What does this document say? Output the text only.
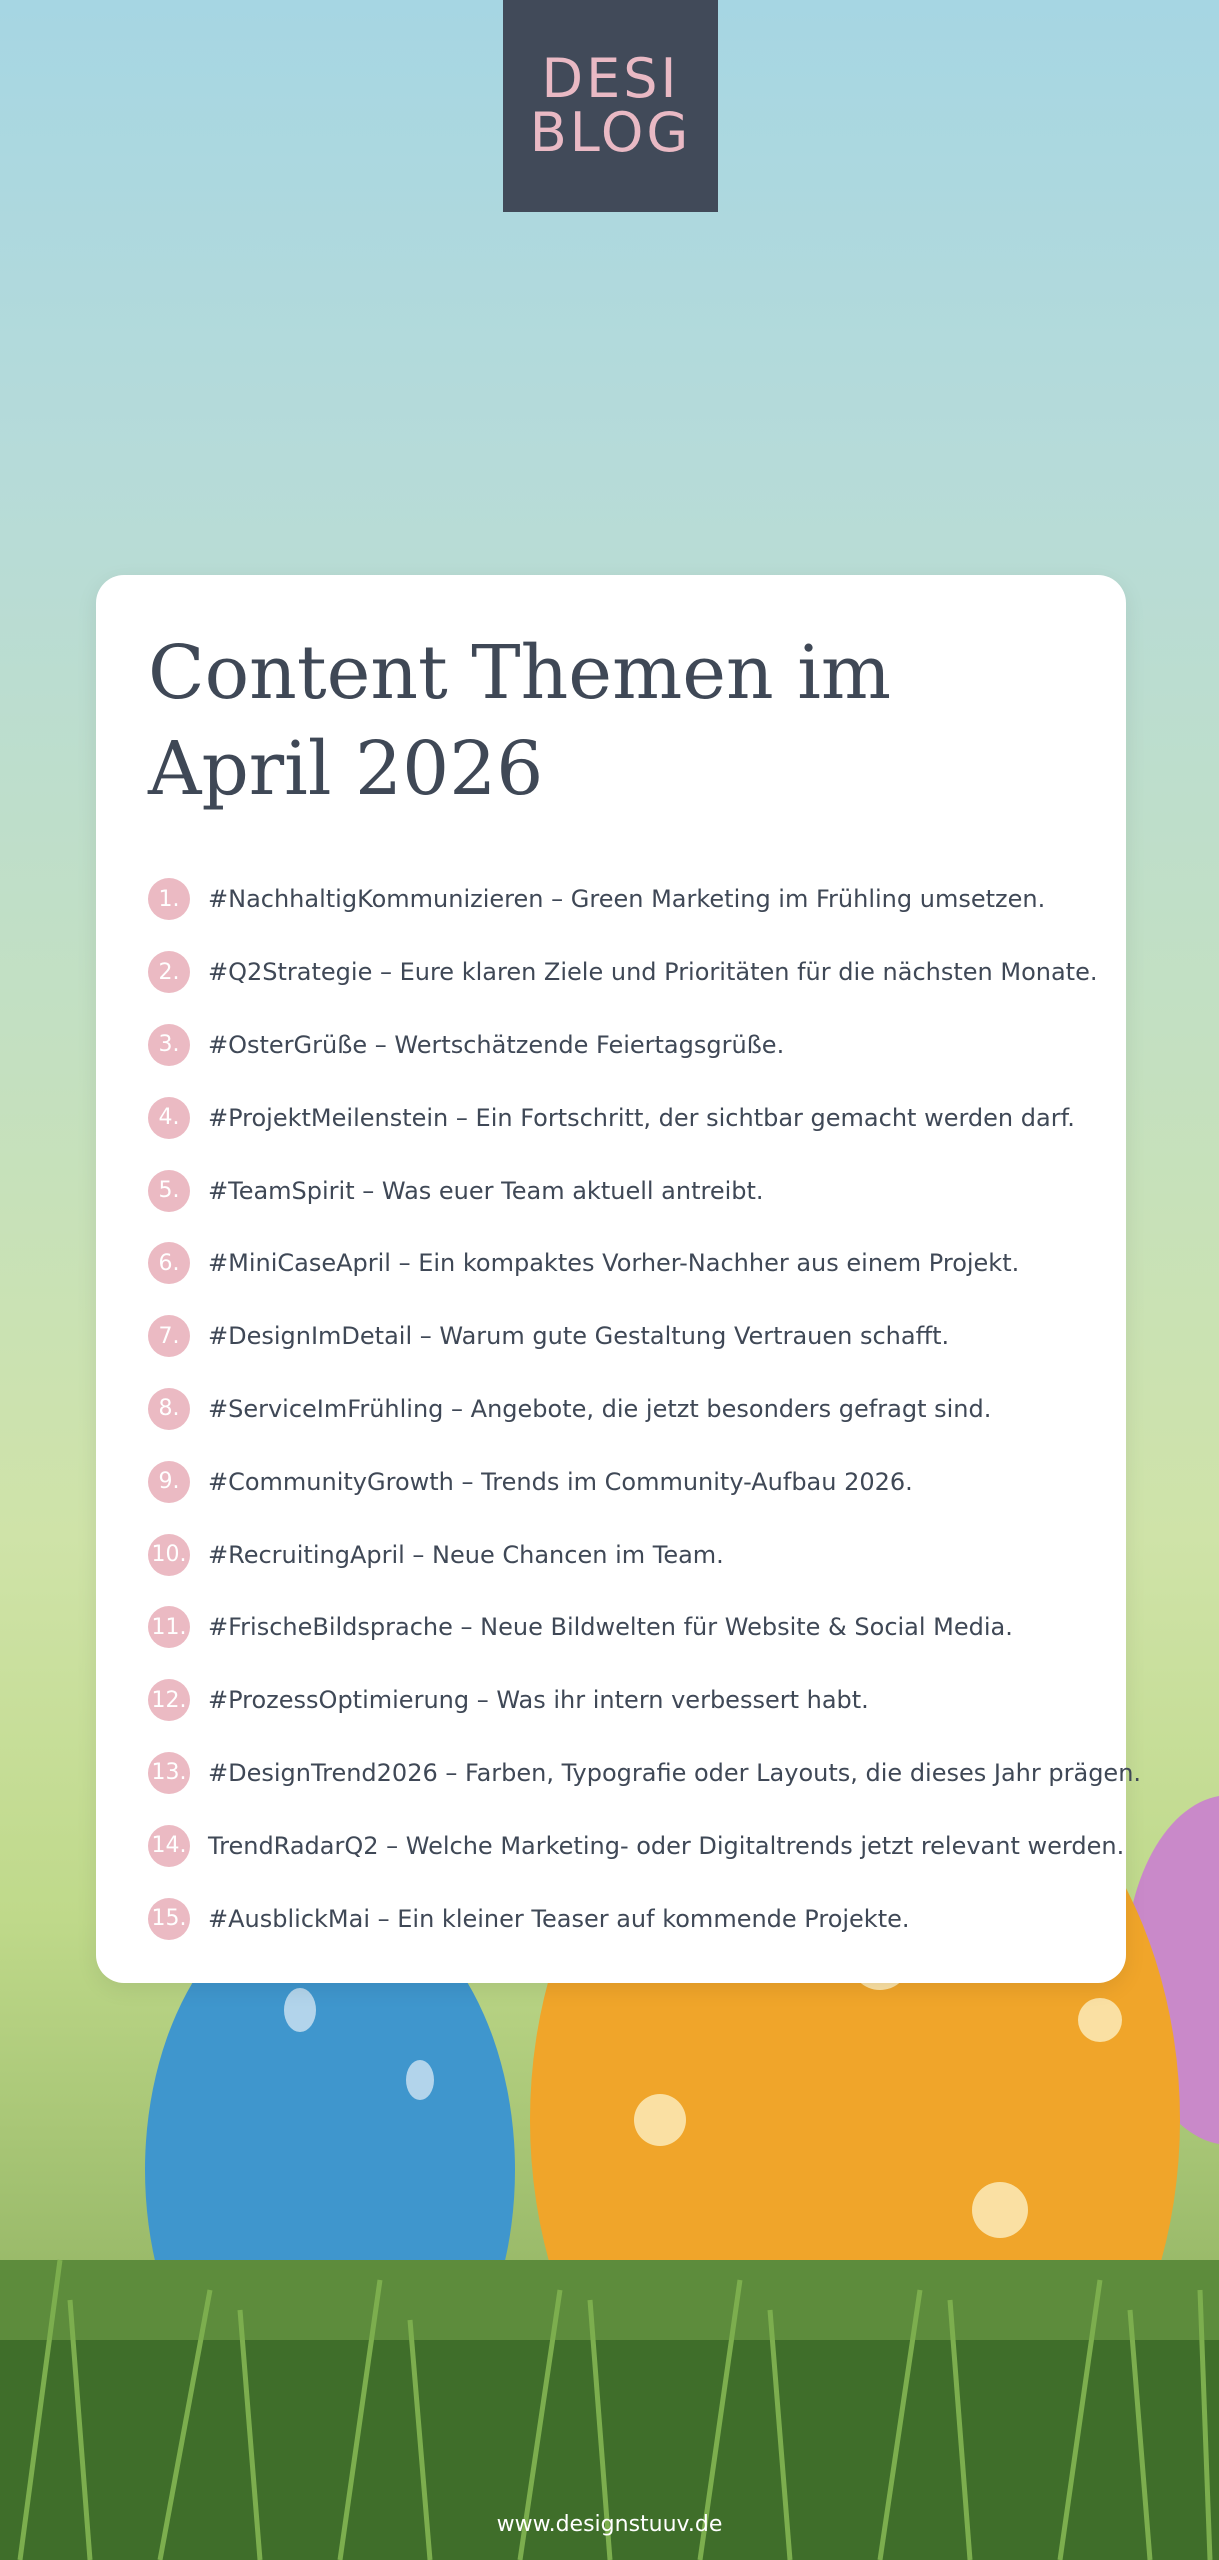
DESI
BLOG
Content Themen im April 2026
1.	#NachhaltigKommunizieren – Green Marketing im Frühling umsetzen.
2.	#Q2Strategie – Eure klaren Ziele und Prioritäten für die nächsten Monate.
3.	#OsterGrüße – Wertschätzende Feiertagsgrüße.
4.	#ProjektMeilenstein – Ein Fortschritt, der sichtbar gemacht werden darf.
5.	#TeamSpirit – Was euer Team aktuell antreibt.
6.	#MiniCaseApril – Ein kompaktes Vorher-Nachher aus einem Projekt.
7.	#DesignImDetail – Warum gute Gestaltung Vertrauen schafft.
8.	#ServiceImFrühling – Angebote, die jetzt besonders gefragt sind.
9.	#CommunityGrowth – Trends im Community-Aufbau 2026.
10. #RecruitingApril – Neue Chancen im Team.
11. #FrischeBildsprache – Neue Bildwelten für Website & Social Media.
12. #ProzessOptimierung – Was ihr intern verbessert habt.
13. #DesignTrend2026 – Farben, Typografie oder Layouts, die dieses Jahr prägen.
14. TrendRadarQ2 – Welche Marketing- oder Digitaltrends jetzt relevant werden.
15. #AusblickMai – Ein kleiner Teaser auf kommende Projekte.
www.designstuuv.de
